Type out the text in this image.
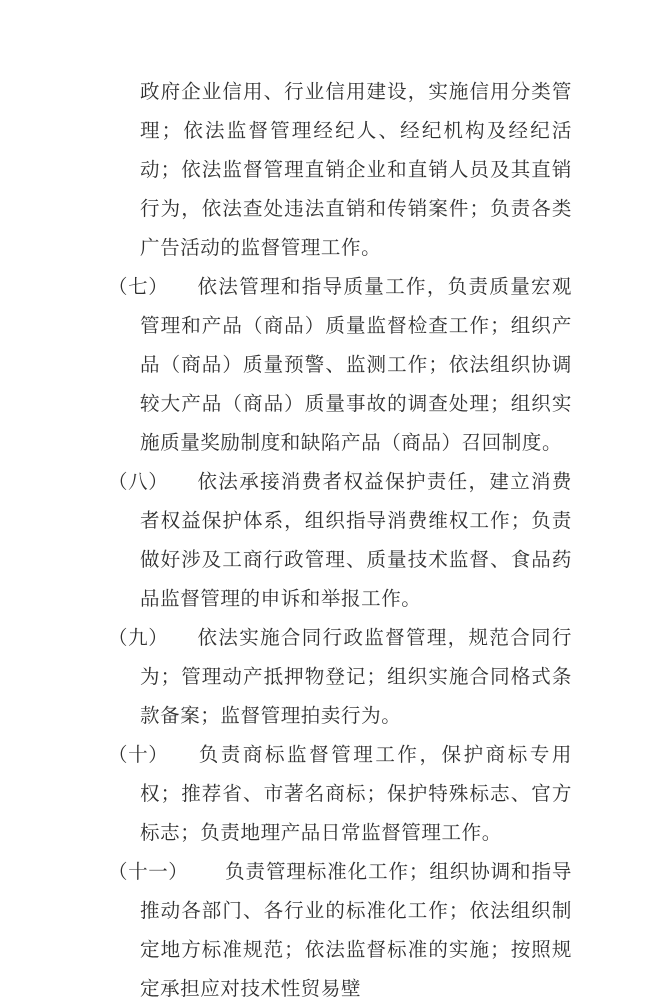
政府企业信用、行业信用建设，实施信用分类管理；依法监督管理经纪人、经纪机构及经纪活动；依法监督管理直销企业和直销人员及其直销行为，依法查处违法直销和传销案件；负责各类广告活动的监督管理工作。

（七） 依法管理和指导质量工作，负责质量宏观管理和产品（商品）质量监督检查工作；组织产品（商品）质量预警、监测工作；依法组织协调较大产品（商品）质量事故的调查处理；组织实施质量奖励制度和缺陷产品（商品）召回制度。

（八） 依法承接消费者权益保护责任，建立消费者权益保护体系，组织指导消费维权工作；负责做好涉及工商行政管理、质量技术监督、食品药品监督管理的申诉和举报工作。

（九） 依法实施合同行政监督管理，规范合同行为；管理动产抵押物登记；组织实施合同格式条款备案；监督管理拍卖行为。

（十） 负责商标监督管理工作，保护商标专用权；推荐省、市著名商标；保护特殊标志、官方标志；负责地理产品日常监督管理工作。

（十一） 负责管理标准化工作；组织协调和指导推动各部门、各行业的标准化工作；依法组织制定地方标准规范；依法监督标准的实施；按照规定承担应对技术性贸易壁
